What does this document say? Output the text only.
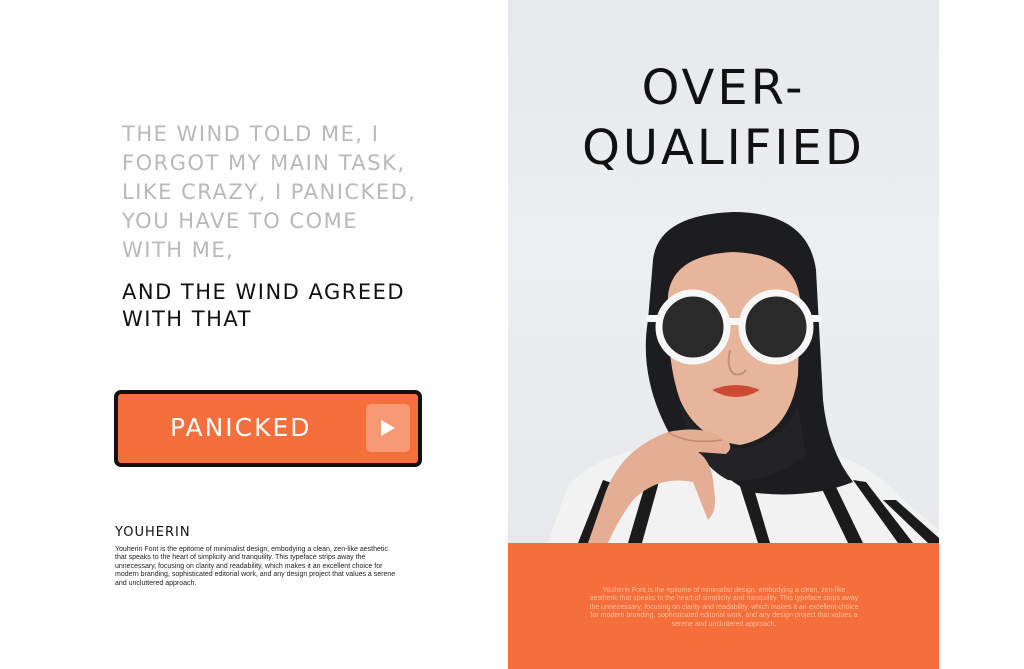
THE WIND TOLD ME, I
FORGOT MY MAIN TASK,
LIKE CRAZY, I PANICKED,
YOU HAVE TO COME
WITH ME,
AND THE WIND AGREED
WITH THAT
PANICKED
YOUHERIN
Youherin Font is the epitome of minimalist design, embodying a clean, zen-like aesthetic that speaks to the heart of simplicity and tranquility. This typeface strips away the unnecessary, focusing on clarity and readability, which makes it an excellent choice for modern branding, sophisticated editorial work, and any design project that values a serene and uncluttered approach.
OVER-
QUALIFIED
Youherin Font is the epitome of minimalist design, embodying a clean, zen-like aesthetic that speaks to the heart of simplicity and tranquility. This typeface strips away the unnecessary, focusing on clarity and readability, which makes it an excellent choice for modern branding, sophisticated editorial work, and any design project that values a serene and uncluttered approach.
